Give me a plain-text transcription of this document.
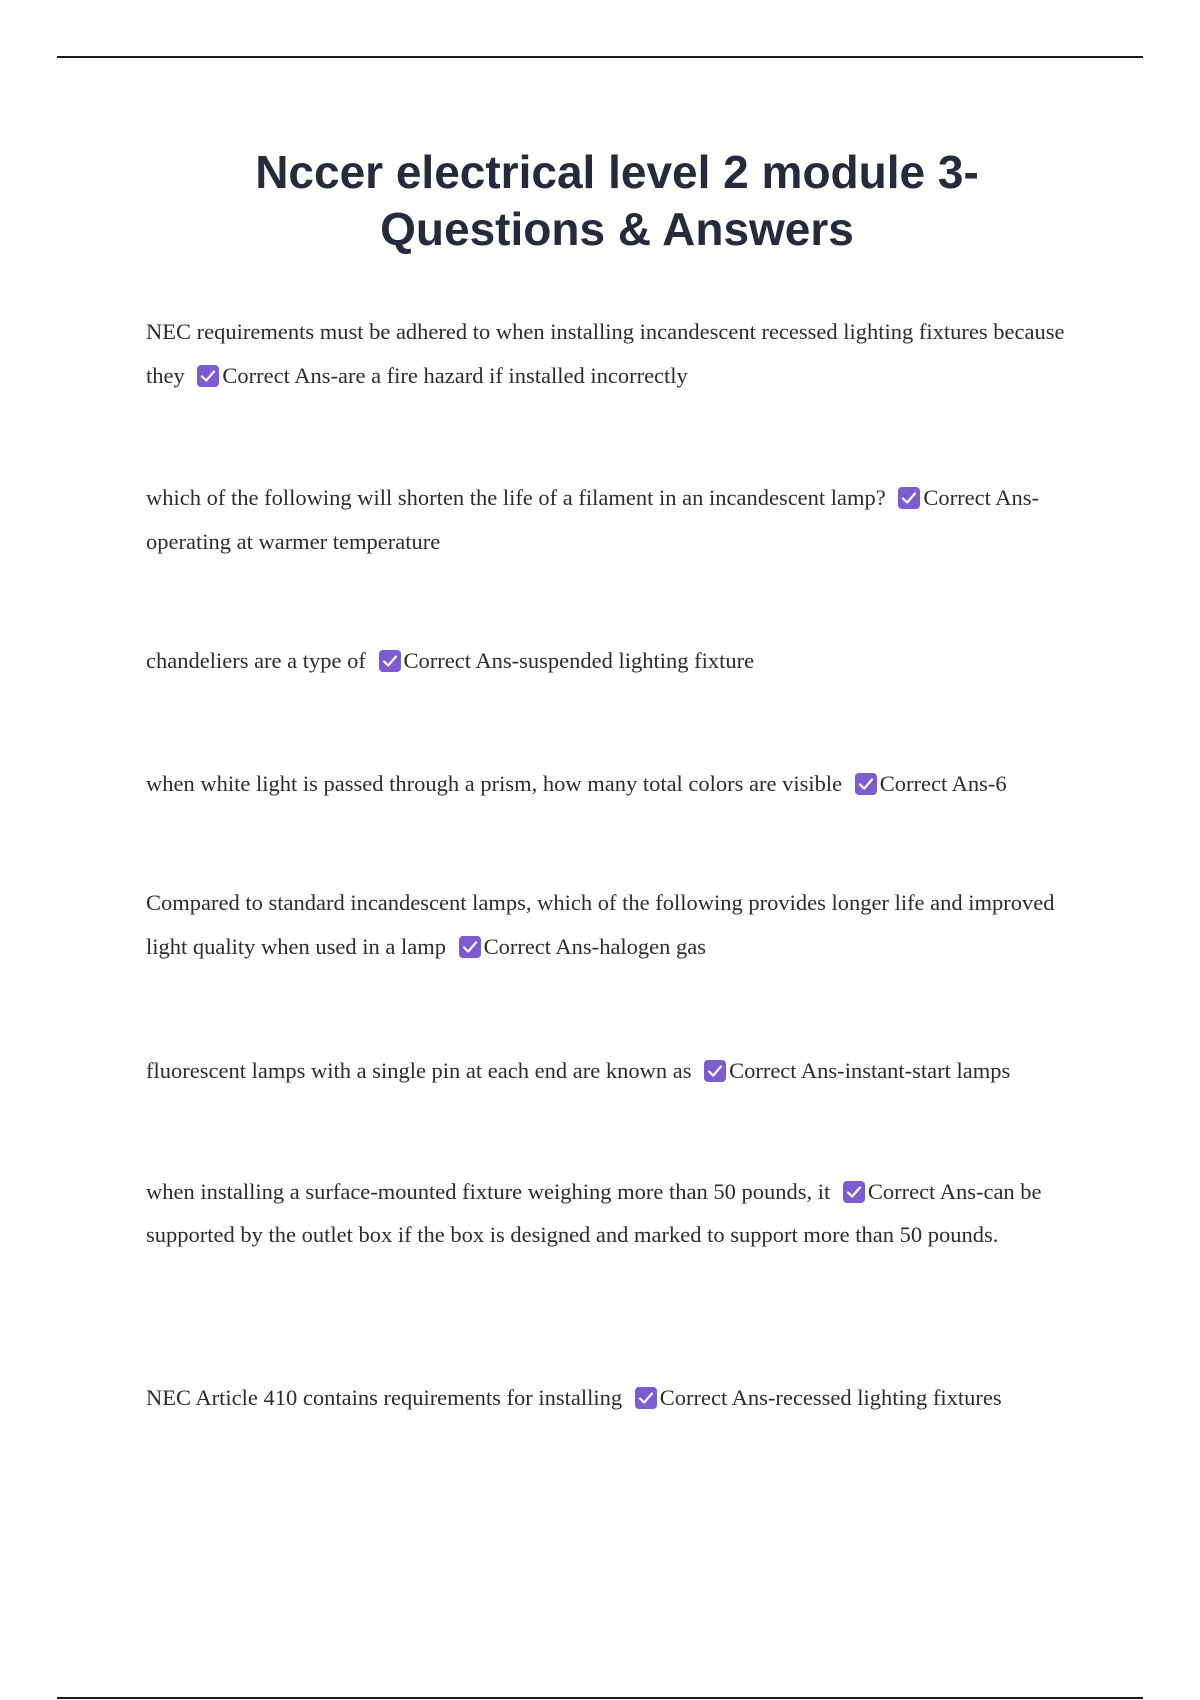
Nccer electrical level 2 module 3-
Questions & Answers
NEC requirements must be adhered to when installing incandescent recessed lighting fixtures because they Correct Ans-are a fire hazard if installed incorrectly
which of the following will shorten the life of a filament in an incandescent lamp? Correct Ans-operating at warmer temperature
chandeliers are a type of Correct Ans-suspended lighting fixture
when white light is passed through a prism, how many total colors are visible Correct Ans-6
Compared to standard incandescent lamps, which of the following provides longer life and improved light quality when used in a lamp Correct Ans-halogen gas
fluorescent lamps with a single pin at each end are known as Correct Ans-instant-start lamps
when installing a surface-mounted fixture weighing more than 50 pounds, it Correct Ans-can be supported by the outlet box if the box is designed and marked to support more than 50 pounds.
NEC Article 410 contains requirements for installing Correct Ans-recessed lighting fixtures
